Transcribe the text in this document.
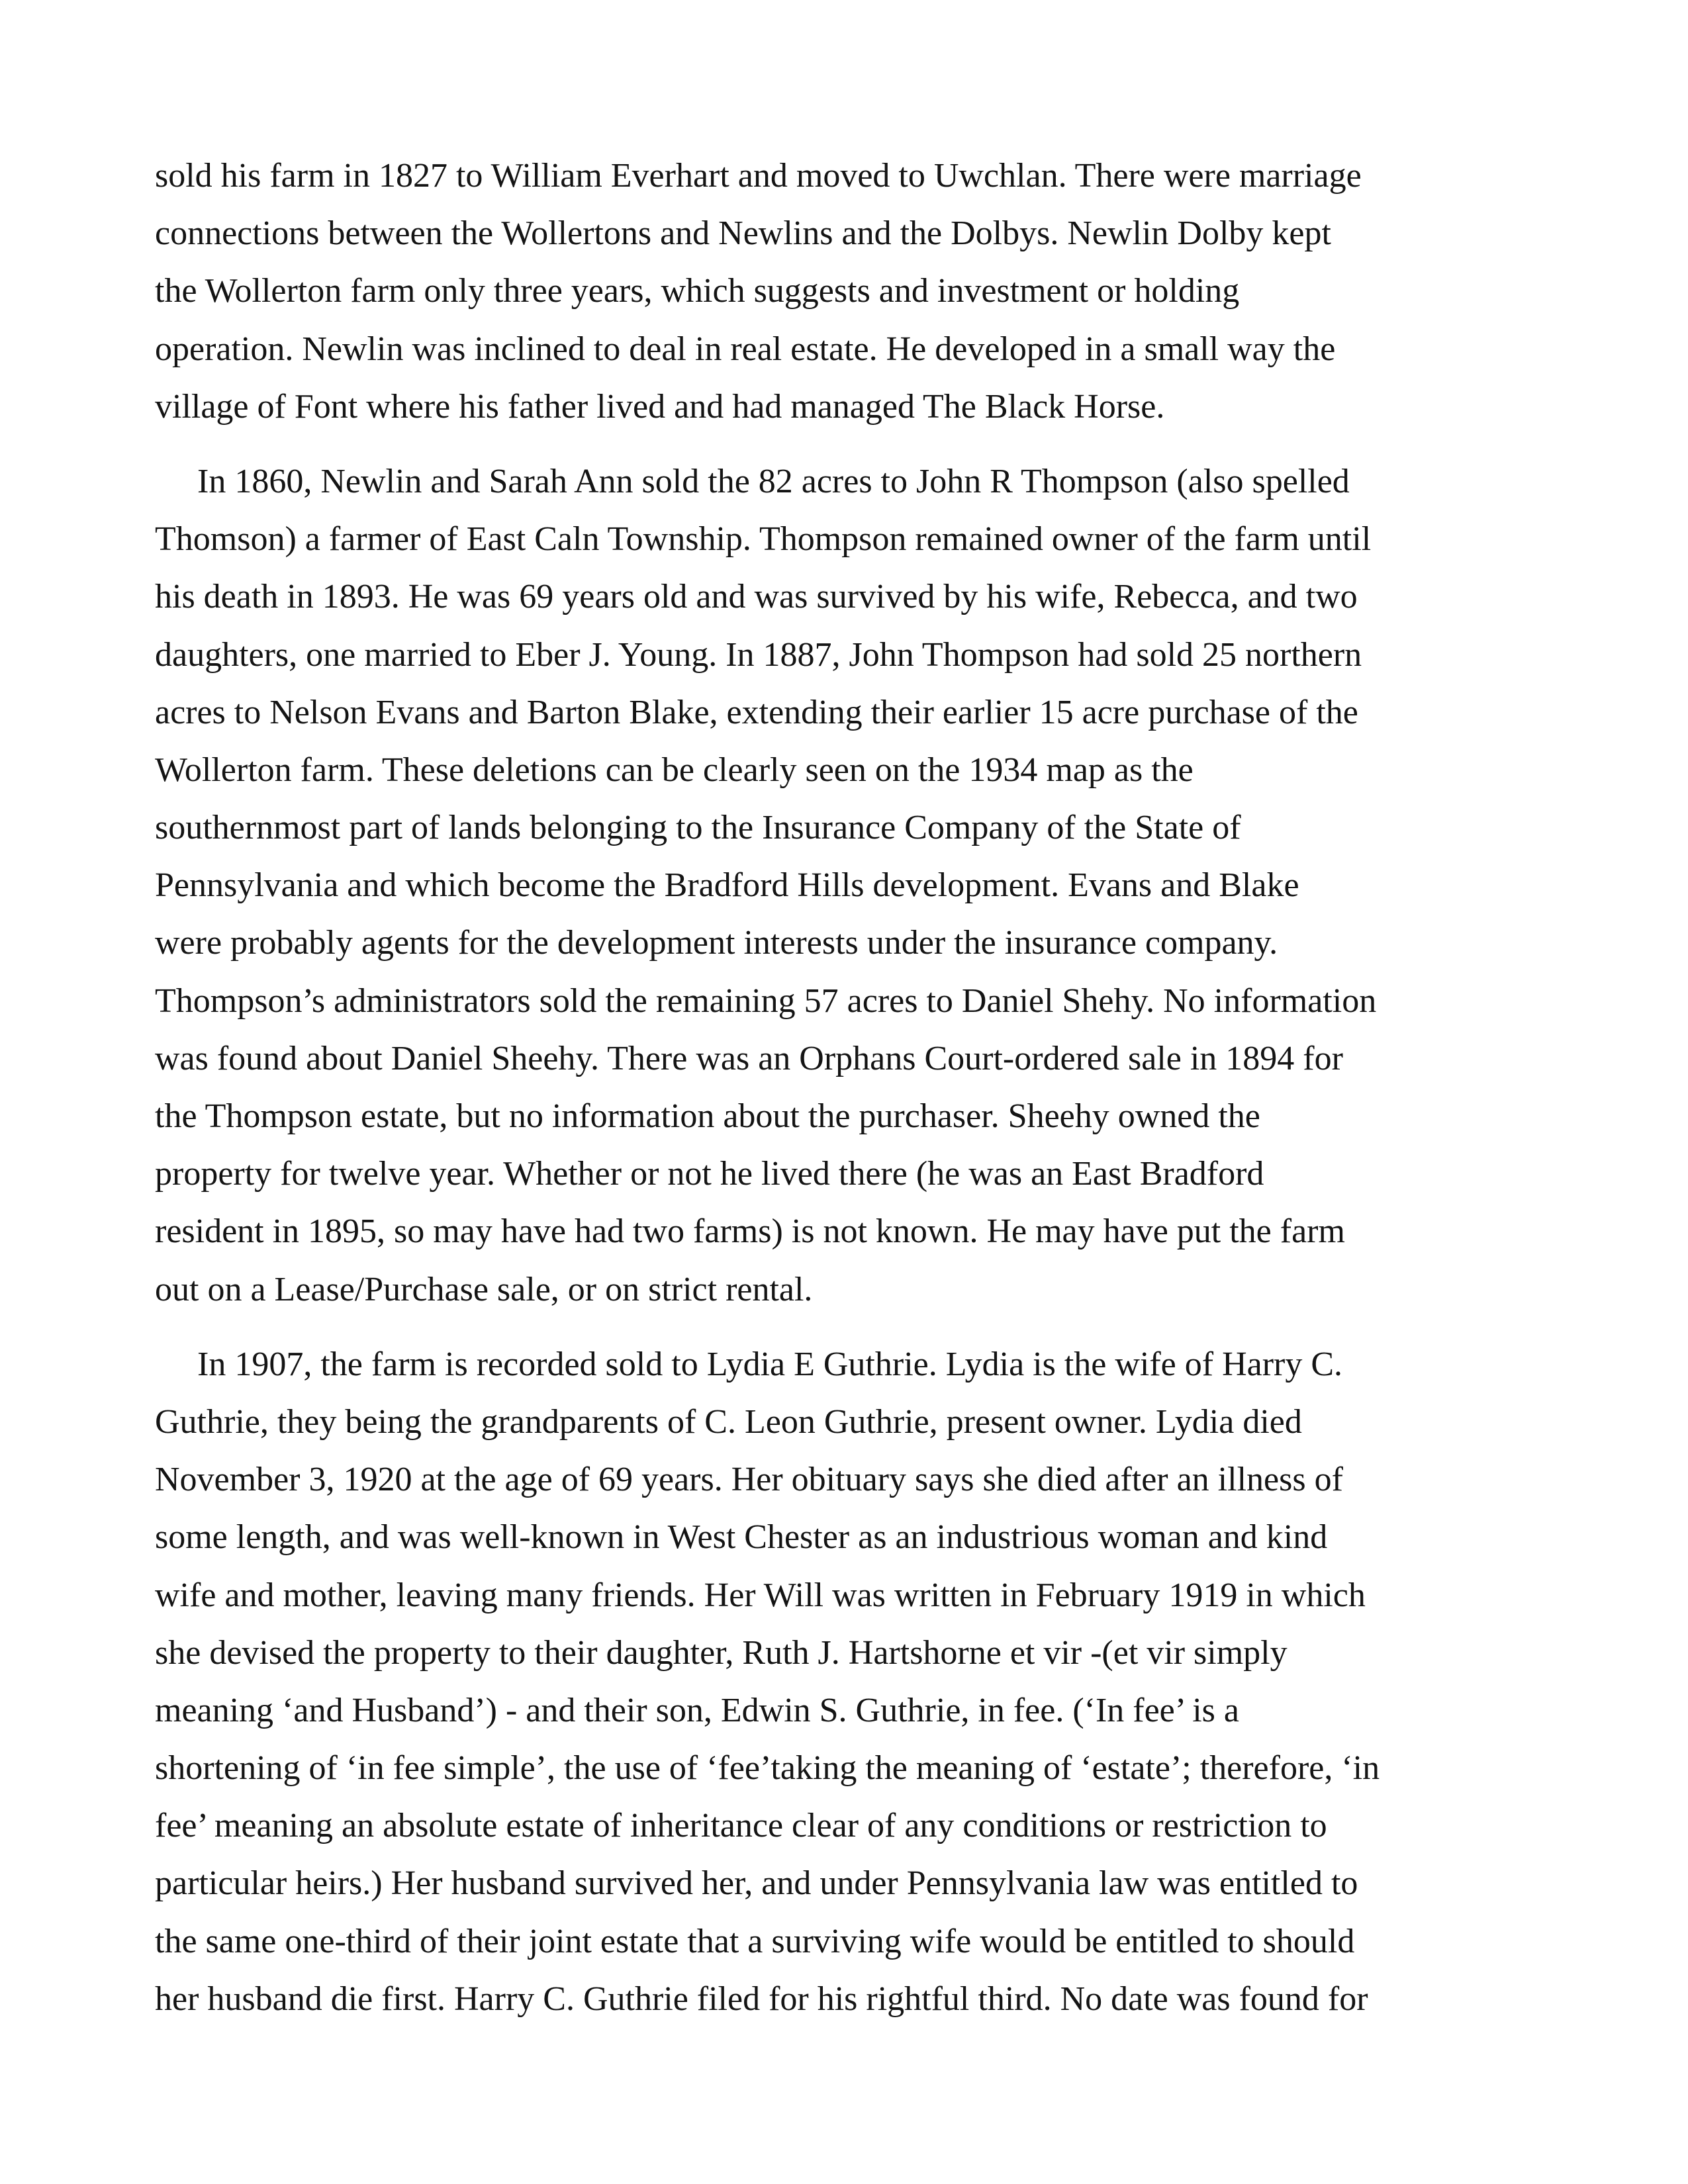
sold his farm in 1827 to William Everhart and moved to Uwchlan. There were marriage
connections between the Wollertons and Newlins and the Dolbys. Newlin Dolby kept
the Wollerton farm only three years, which suggests and investment or holding
operation. Newlin was inclined to deal in real estate. He developed in a small way the
village of Font where his father lived and had managed The Black Horse.
In 1860, Newlin and Sarah Ann sold the 82 acres to John R Thompson (also spelled
Thomson) a farmer of East Caln Township. Thompson remained owner of the farm until
his death in 1893. He was 69 years old and was survived by his wife, Rebecca, and two
daughters, one married to Eber J. Young. In 1887, John Thompson had sold 25 northern
acres to Nelson Evans and Barton Blake, extending their earlier 15 acre purchase of the
Wollerton farm. These deletions can be clearly seen on the 1934 map as the
southernmost part of lands belonging to the Insurance Company of the State of
Pennsylvania and which become the Bradford Hills development. Evans and Blake
were probably agents for the development interests under the insurance company.
Thompson’s administrators sold the remaining 57 acres to Daniel Shehy. No information
was found about Daniel Sheehy. There was an Orphans Court-ordered sale in 1894 for
the Thompson estate, but no information about the purchaser. Sheehy owned the
property for twelve year. Whether or not he lived there (he was an East Bradford
resident in 1895, so may have had two farms) is not known. He may have put the farm
out on a Lease/Purchase sale, or on strict rental.
In 1907, the farm is recorded sold to Lydia E Guthrie. Lydia is the wife of Harry C.
Guthrie, they being the grandparents of C. Leon Guthrie, present owner. Lydia died
November 3, 1920 at the age of 69 years. Her obituary says she died after an illness of
some length, and was well-known in West Chester as an industrious woman and kind
wife and mother, leaving many friends. Her Will was written in February 1919 in which
she devised the property to their daughter, Ruth J. Hartshorne et vir -(et vir simply
meaning ‘and Husband’) - and their son, Edwin S. Guthrie, in fee. (‘In fee’ is a
shortening of ‘in fee simple’, the use of ‘fee’taking the meaning of ‘estate’; therefore, ‘in
fee’ meaning an absolute estate of inheritance clear of any conditions or restriction to
particular heirs.) Her husband survived her, and under Pennsylvania law was entitled to
the same one-third of their joint estate that a surviving wife would be entitled to should
her husband die first. Harry C. Guthrie filed for his rightful third. No date was found for
